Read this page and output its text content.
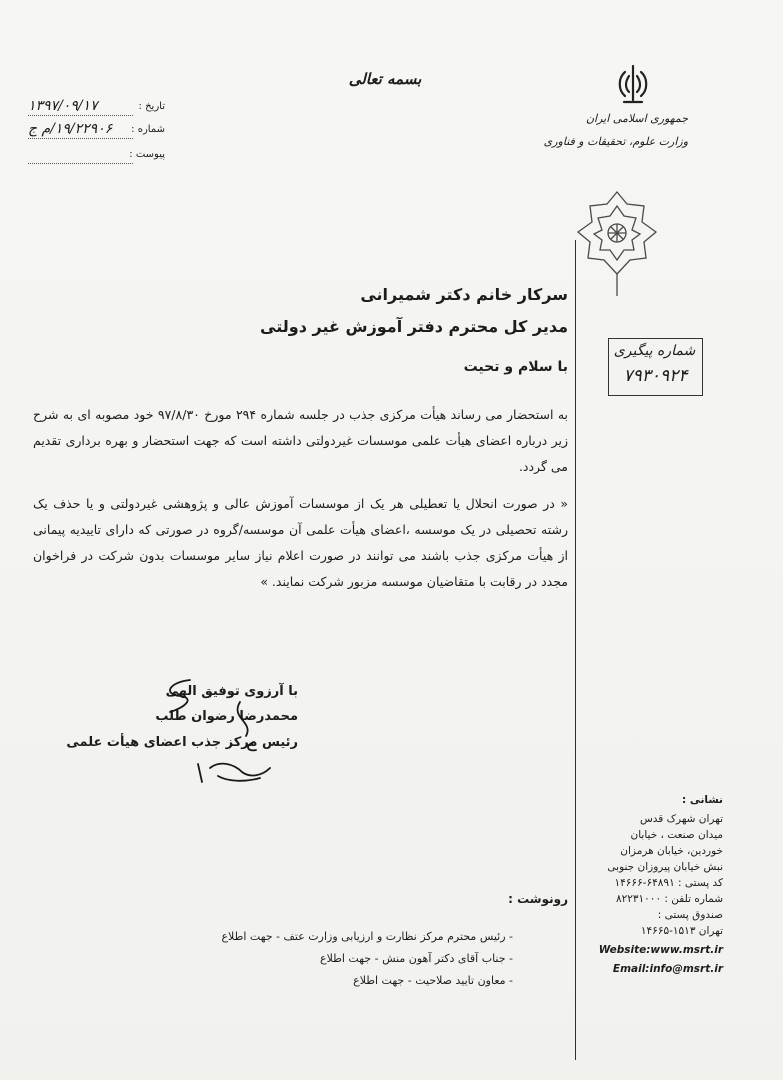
جمهوری اسلامی ایران
وزارت علوم، تحقیقات و فناوری
بسمه تعالی
تاریخ :
۱۳۹۷/۰۹/۱۷
شماره :
۱۹/۲۲۹۰۶/م ج
پیوست :
شماره پیگیری
۷۹۳۰۹۲۴
سرکار خانم دکتر شمیرانی
مدیر کل محترم دفتر آموزش غیر دولتی
با سلام و تحیت
به استحضار می رساند هیأت مرکزی جذب در جلسه شماره ۲۹۴ مورخ ۹۷/۸/۳۰ خود مصوبه ای به شرح زیر درباره اعضای هیأت علمی موسسات غیردولتی داشته است که جهت استحضار و بهره برداری تقدیم می گردد.
« در صورت انحلال یا تعطیلی هر یک از موسسات آموزش عالی و پژوهشی غیردولتی و یا حذف یک رشته تحصیلی در یک موسسه ،اعضای هیأت علمی آن موسسه/گروه در صورتی که دارای تاییدیه پیمانی از هیأت مرکزی جذب باشند می توانند در صورت اعلام نیاز سایر موسسات بدون شرکت در فراخوان مجدد در رقابت با متقاضیان موسسه مزبور شرکت نمایند. »
با آرزوی توفیق الهی
محمدرضا رضوان طلب
رئیس مرکز جذب اعضای هیأت علمی
رونوشت :
- رئیس محترم مرکز نظارت و ارزیابی وزارت عتف - جهت اطلاع
- جناب آقای دکتر آهون منش - جهت اطلاع
- معاون تایید صلاحیت - جهت اطلاع
نشانی :
تهران شهرک قدس
میدان صنعت ، خیابان
خوردین، خیابان هرمزان
نبش خیابان پیروزان جنوبی
کد پستی : ۶۴۸۹۱-۱۴۶۶۶
شماره تلفن : ۸۲۲۳۱۰۰۰
صندوق پستی :
تهران ۱۵۱۳-۱۴۶۶۵
Website:www.msrt.ir
Email:info@msrt.ir
